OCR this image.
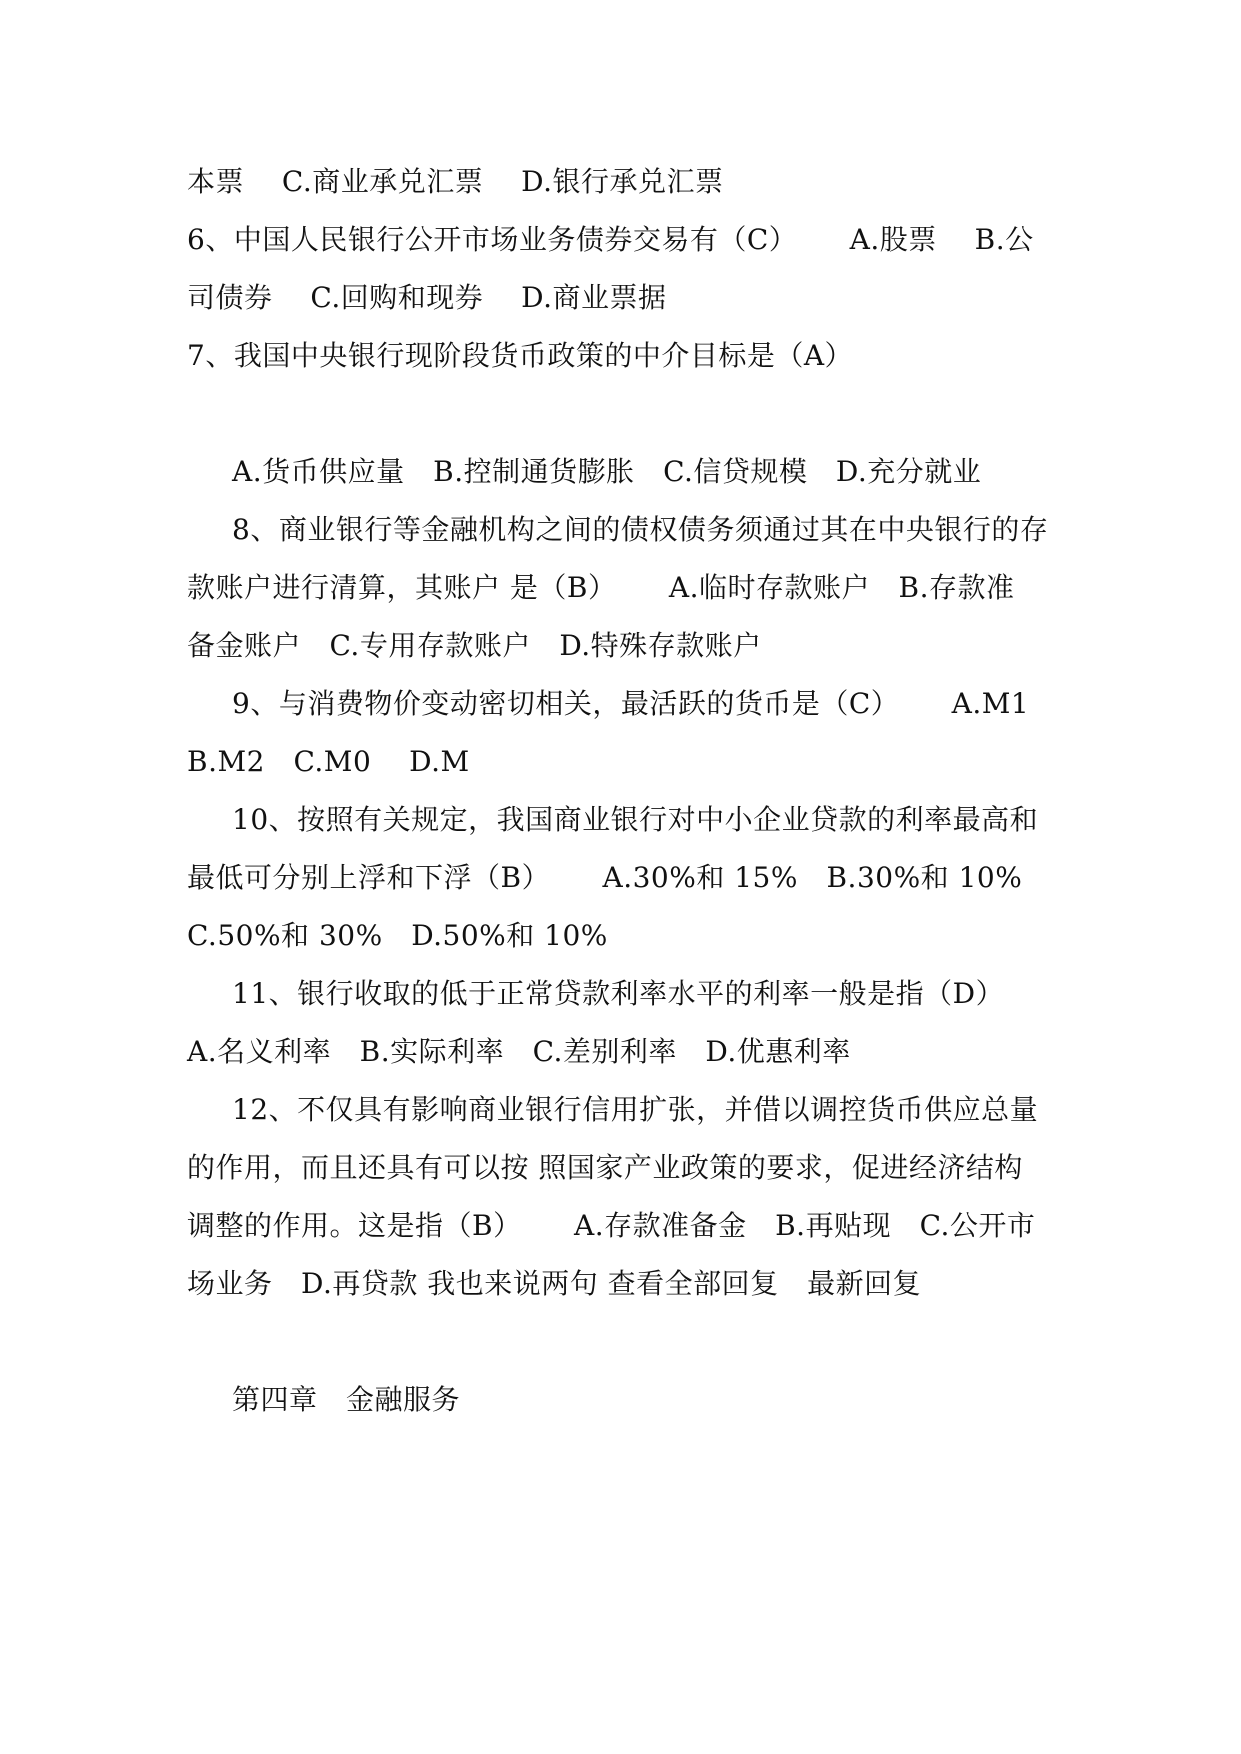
本票　 C.商业承兑汇票　 D.银行承兑汇票
6、中国人民银行公开市场业务债券交易有（C）　　 A.股票　 B.公
司债券　 C.回购和现券　 D.商业票据
7、我国中央银行现阶段货币政策的中介目标是（A）
A.货币供应量　B.控制通货膨胀　C.信贷规模　D.充分就业
8、商业银行等金融机构之间的债权债务须通过其在中央银行的存
款账户进行清算，其账户 是（B）　　 A.临时存款账户　B.存款准
备金账户　C.专用存款账户　D.特殊存款账户
9、与消费物价变动密切相关，最活跃的货币是（C）　　 A.M1
B.M2　C.M0　 D.M
10、按照有关规定，我国商业银行对中小企业贷款的利率最高和
最低可分别上浮和下浮（B）　　 A.30%和 15%　B.30%和 10%
C.50%和 30%　D.50%和 10%
11、银行收取的低于正常贷款利率水平的利率一般是指（D）
A.名义利率　B.实际利率　C.差别利率　D.优惠利率
12、不仅具有影响商业银行信用扩张，并借以调控货币供应总量
的作用，而且还具有可以按 照国家产业政策的要求，促进经济结构
调整的作用。这是指（B）　　 A.存款准备金　B.再贴现　C.公开市
场业务　D.再贷款 我也来说两句 查看全部回复　最新回复
第四章　金融服务
